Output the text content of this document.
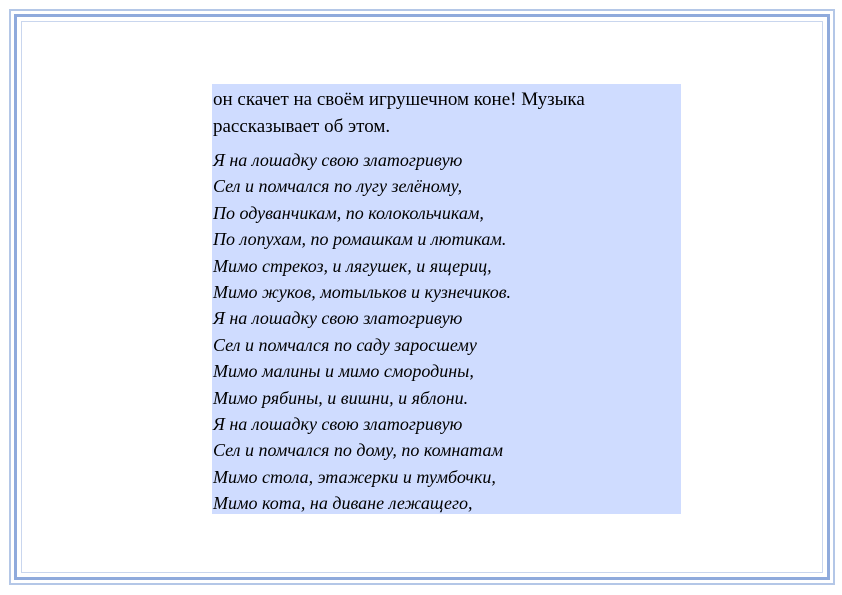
он скачет на своём игрушечном коне! Музыка
рассказывает об этом.
Я на лошадку свою златогривую
Сел и помчался по лугу зелёному,
По одуванчикам, по колокольчикам,
По лопухам, по ромашкам и лютикам.
Мимо стрекоз, и лягушек, и ящериц,
Мимо жуков, мотыльков и кузнечиков.
Я на лошадку свою златогривую
Сел и помчался по саду заросшему
Мимо малины и мимо смородины,
Мимо рябины, и вишни, и яблони.
Я на лошадку свою златогривую
Сел и помчался по дому, по комнатам
Мимо стола, этажерки и тумбочки,
Мимо кота, на диване лежащего,
